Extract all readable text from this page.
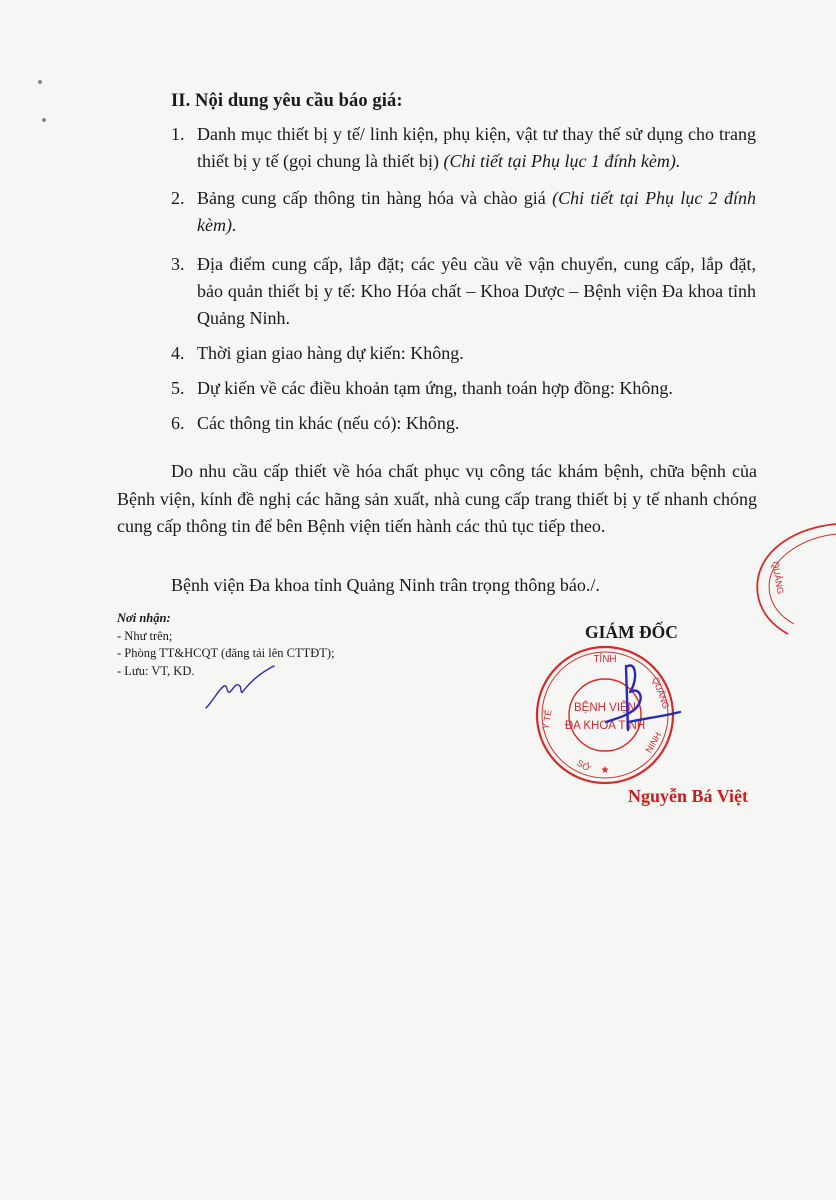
II. Nội dung yêu cầu báo giá:
1. Danh mục thiết bị y tế/ linh kiện, phụ kiện, vật tư thay thế sử dụng cho trang thiết bị y tế (gọi chung là thiết bị) (Chi tiết tại Phụ lục 1 đính kèm).
2. Bảng cung cấp thông tin hàng hóa và chào giá (Chi tiết tại Phụ lục 2 đính kèm).
3. Địa điểm cung cấp, lắp đặt; các yêu cầu về vận chuyển, cung cấp, lắp đặt, bảo quản thiết bị y tế: Kho Hóa chất – Khoa Dược – Bệnh viện Đa khoa tỉnh Quảng Ninh.
4. Thời gian giao hàng dự kiến: Không.
5. Dự kiến về các điều khoản tạm ứng, thanh toán hợp đồng: Không.
6. Các thông tin khác (nếu có): Không.

Do nhu cầu cấp thiết về hóa chất phục vụ công tác khám bệnh, chữa bệnh của Bệnh viện, kính đề nghị các hãng sản xuất, nhà cung cấp trang thiết bị y tế nhanh chóng cung cấp thông tin để bên Bệnh viện tiến hành các thủ tục tiếp theo.

Bệnh viện Đa khoa tỉnh Quảng Ninh trân trọng thông báo./.
Nơi nhận:
- Như trên;
- Phòng TT&HCQT (đăng tải lên CTTĐT);
- Lưu: VT, KD.
GIÁM ĐỐC
TỈNH
Y TẾ
QUẢNG
NINH
SỞ ★
BỆNH VIỆN
ĐA KHOA TỈNH
QUẢNG
Nguyễn Bá Việt
